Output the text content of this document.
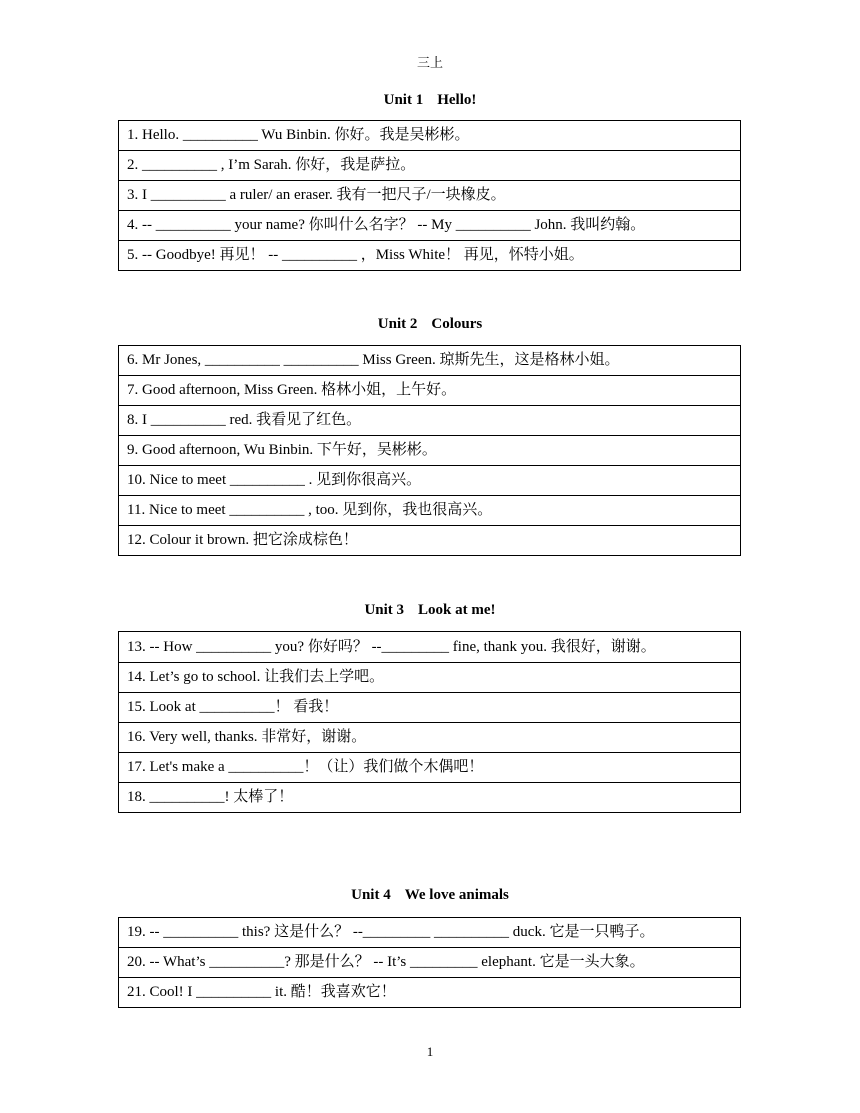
三上
Unit 1 Hello!
1. Hello. __________ Wu Binbin. 你好。我是吴彬彬。
2. __________ , I’m Sarah. 你好，我是萨拉。
3. I __________ a ruler/ an eraser. 我有一把尺子/一块橡皮。
4. -- __________ your name? 你叫什么名字？ -- My __________ John. 我叫约翰。
5. -- Goodbye! 再见！ -- __________ ，Miss White！ 再见，怀特小姐。
Unit 2 Colours
6. Mr Jones, __________ __________ Miss Green. 琼斯先生，这是格林小姐。
7. Good afternoon, Miss Green. 格林小姐，上午好。
8. I __________ red. 我看见了红色。
9. Good afternoon, Wu Binbin. 下午好，吴彬彬。
10. Nice to meet __________ . 见到你很高兴。
11. Nice to meet __________ , too. 见到你，我也很高兴。
12. Colour it brown. 把它涂成棕色！
Unit 3 Look at me!
13. -- How __________ you? 你好吗？ --_________ fine, thank you. 我很好，谢谢。
14. Let’s go to school. 让我们去上学吧。
15. Look at __________！ 看我！
16. Very well, thanks. 非常好，谢谢。
17. Let's make a __________！（让）我们做个木偶吧！
18. __________! 太棒了！
Unit 4 We love animals
19. -- __________ this? 这是什么？ --_________ __________ duck. 它是一只鸭子。
20. -- What’s __________? 那是什么？ -- It’s _________ elephant. 它是一头大象。
21. Cool! I __________ it. 酷！我喜欢它！
1
